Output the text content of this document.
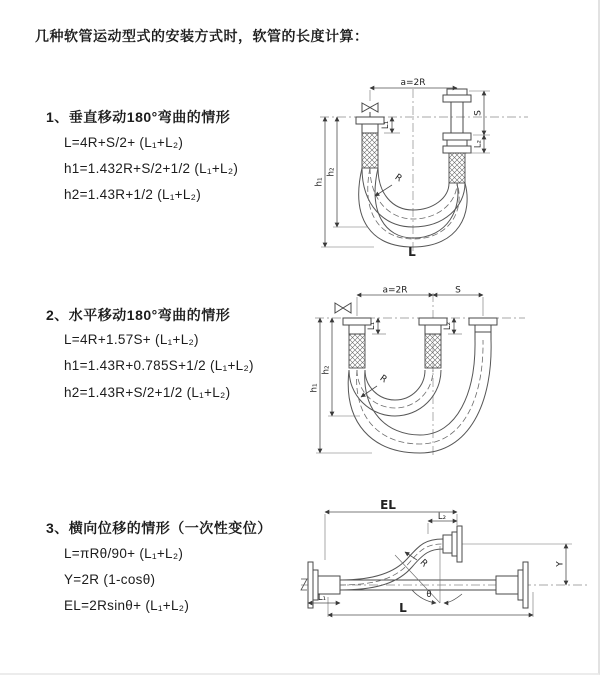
几种软管运动型式的安装方式时，软管的长度计算：
1、垂直移动180°弯曲的情形
L=4R+S/2+ (L₁+L₂)
h1=1.432R+S/2+1/2 (L₁+L₂)
h2=1.43R+1/2 (L₁+L₂)
2、水平移动180°弯曲的情形
L=4R+1.57S+ (L₁+L₂)
h1=1.43R+0.785S+1/2 (L₁+L₂)
h2=1.43R+S/2+1/2 (L₁+L₂)
3、横向位移的情形（一次性变位）
L=πRθ/90+ (L₁+L₂)
Y=2R (1-cosθ)
EL=2Rsinθ+ (L₁+L₂)
a=2R
h₁
h₂
L₁
S
L₂
R
L
a=2R	S
h₁
h₂
L₁	L₂
R
θ
EL
L₂
Y
L
L₁
R
